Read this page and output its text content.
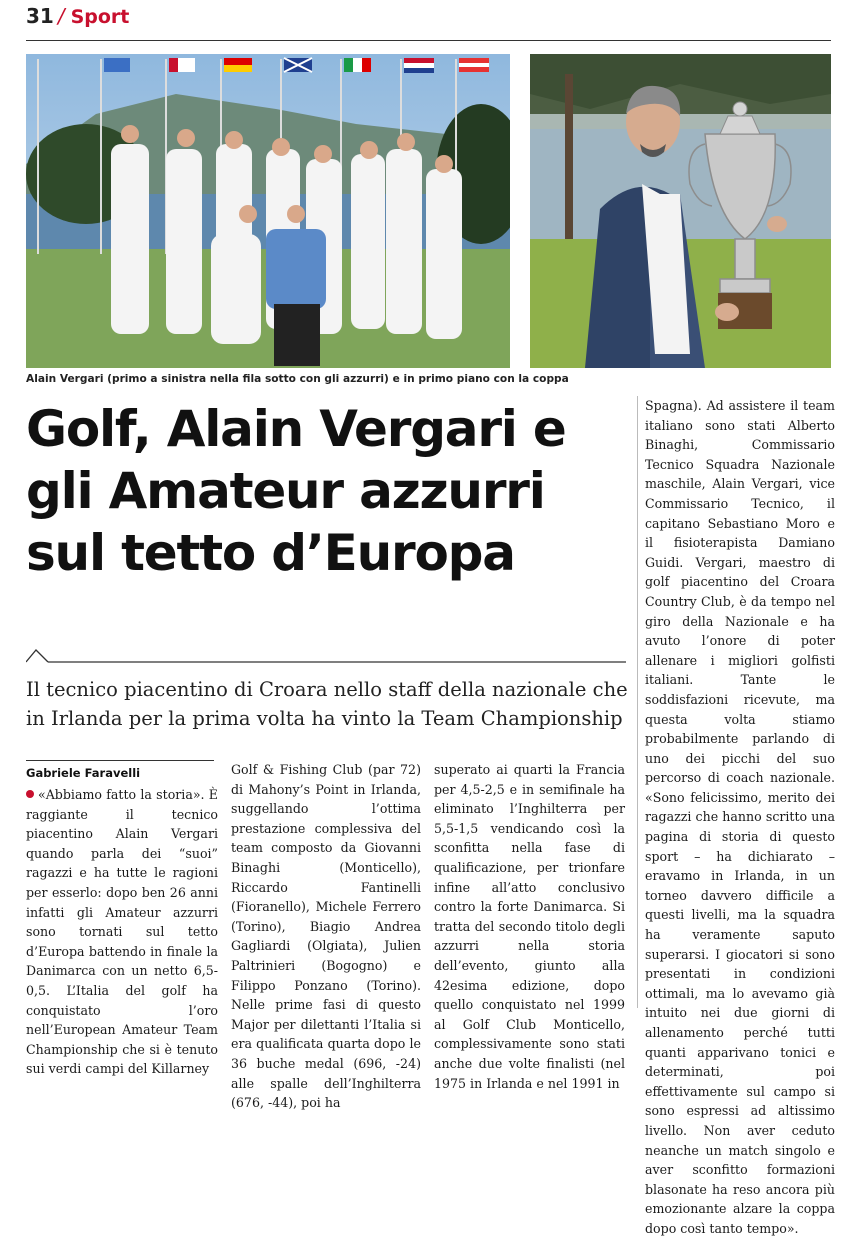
31 / Sport
Alain Vergari (primo a sinistra nella fila sotto con gli azzurri) e in primo piano con la coppa
Golf, Alain Vergari e gli Amateur azzurri sul tetto d’Europa

Il tecnico piacentino di Croara nello staff della nazionale che in Irlanda per la prima volta ha vinto la Team Championship

Gabriele Faravelli

«Abbiamo fatto la storia». È raggiante il tecnico piacentino Alain Vergari quando parla dei “suoi” ragazzi e ha tutte le ragioni per esserlo: dopo ben 26 anni infatti gli Amateur azzurri sono tornati sul tetto d’Europa battendo in finale la Danimarca con un netto 6,5-0,5. L’Italia del golf ha conquistato l’oro nell’European Amateur Team Championship che si è tenuto sui verdi campi del Killarney

Golf & Fishing Club (par 72) di Mahony’s Point in Irlanda, suggellando l’ottima prestazione complessiva del team composto da Giovanni Binaghi (Monticello), Riccardo Fantinelli (Fioranello), Michele Ferrero (Torino), Biagio Andrea Gagliardi (Olgiata), Julien Paltrinieri (Bogogno) e Filippo Ponzano (Torino). Nelle prime fasi di questo Major per dilettanti l’Italia si era qualificata quarta dopo le 36 buche medal (696, -24) alle spalle dell’Inghilterra (676, -44), poi ha

superato ai quarti la Francia per 4,5-2,5 e in semifinale ha eliminato l’Inghilterra per 5,5-1,5 vendicando così la sconfitta nella fase di qualificazione, per trionfare infine all’atto conclusivo contro la forte Danimarca. Si tratta del secondo titolo degli azzurri nella storia dell’evento, giunto alla 42esima edizione, dopo quello conquistato nel 1999 al Golf Club Monticello, complessivamente sono stati anche due volte finalisti (nel 1975 in Irlanda e nel 1991 in

Spagna). Ad assistere il team italiano sono stati Alberto Binaghi, Commissario Tecnico Squadra Nazionale maschile, Alain Vergari, vice Commissario Tecnico, il capitano Sebastiano Moro e il fisioterapista Damiano Guidi. Vergari, maestro di golf piacentino del Croara Country Club, è da tempo nel giro della Nazionale e ha avuto l’onore di poter allenare i migliori golfisti italiani. Tante le soddisfazioni ricevute, ma questa volta stiamo probabilmente parlando di uno dei picchi del suo percorso di coach nazionale. «Sono felicissimo, merito dei ragazzi che hanno scritto una pagina di storia di questo sport – ha dichiarato – eravamo in Irlanda, in un torneo davvero difficile a questi livelli, ma la squadra ha veramente saputo superarsi. I giocatori si sono presentati in condizioni ottimali, ma lo avevamo già intuito nei due giorni di allenamento perché tutti quanti apparivano tonici e determinati, poi effettivamente sul campo si sono espressi ad altissimo livello. Non aver ceduto neanche un match singolo e aver sconfitto formazioni blasonate ha reso ancora più emozionante alzare la coppa dopo così tanto tempo».
